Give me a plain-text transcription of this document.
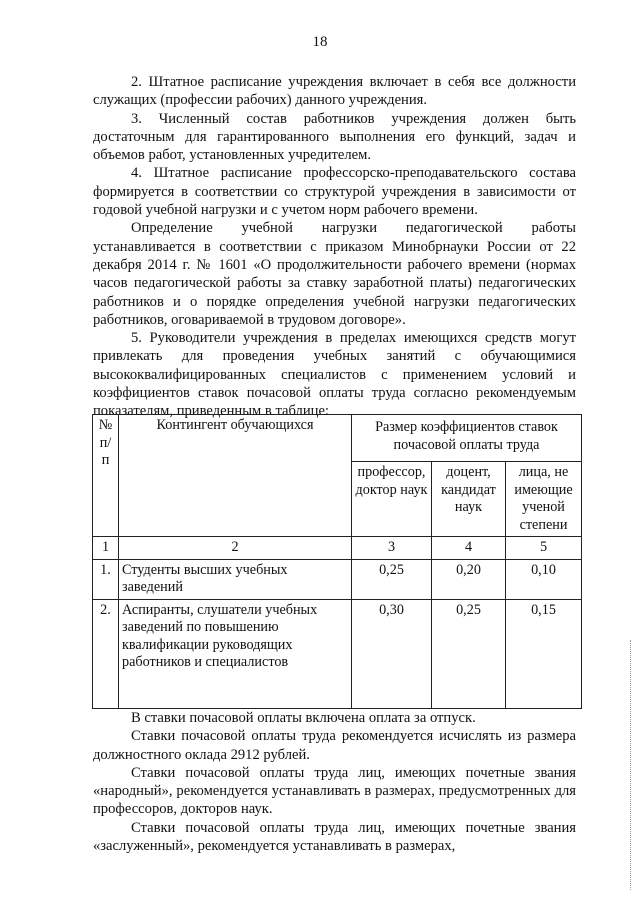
18

2. Штатное расписание учреждения включает в себя все должности служащих (профессии рабочих) данного учреждения.

3. Численный состав работников учреждения должен быть достаточным для гарантированного выполнения его функций, задач и объемов работ, установленных учредителем.

4. Штатное расписание профессорско-преподавательского состава формируется в соответствии со структурой учреждения в зависимости от годовой учебной нагрузки и с учетом норм рабочего времени.

Определение учебной нагрузки педагогической работы устанавливается в соответствии с приказом Минобрнауки России от 22 декабря 2014 г. № 1601 «О продолжительности рабочего времени (нормах часов педагогической работы за ставку заработной платы) педагогических работников и о порядке определения учебной нагрузки педагогических работников, оговариваемой в трудовом договоре».

5. Руководители учреждения в пределах имеющихся средств могут привлекать для проведения учебных занятий с обучающимися высококвалифицированных специалистов с применением условий и коэффициентов ставок почасовой оплаты труда согласно рекомендуемым показателям, приведенным в таблице:

№ п/ п	Контингент обучающихся	Размер коэффициентов ставок почасовой оплаты труда		
		профессор, доктор наук	доцент, кандидат наук	лица, не имеющие ученой степени
1	2	3	4	5
1.	Студенты высших учебных заведений	0,25	0,20	0,10
2.	Аспиранты, слушатели учебных заведений по повышению квалификации руководящих работников и специалистов	0,30	0,25	0,15

В ставки почасовой оплаты включена оплата за отпуск.

Ставки почасовой оплаты труда рекомендуется исчислять из размера должностного оклада 2912 рублей.

Ставки почасовой оплаты труда лиц, имеющих почетные звания «народный», рекомендуется устанавливать в размерах, предусмотренных для профессоров, докторов наук.

Ставки почасовой оплаты труда лиц, имеющих почетные звания «заслуженный», рекомендуется устанавливать в размерах,
